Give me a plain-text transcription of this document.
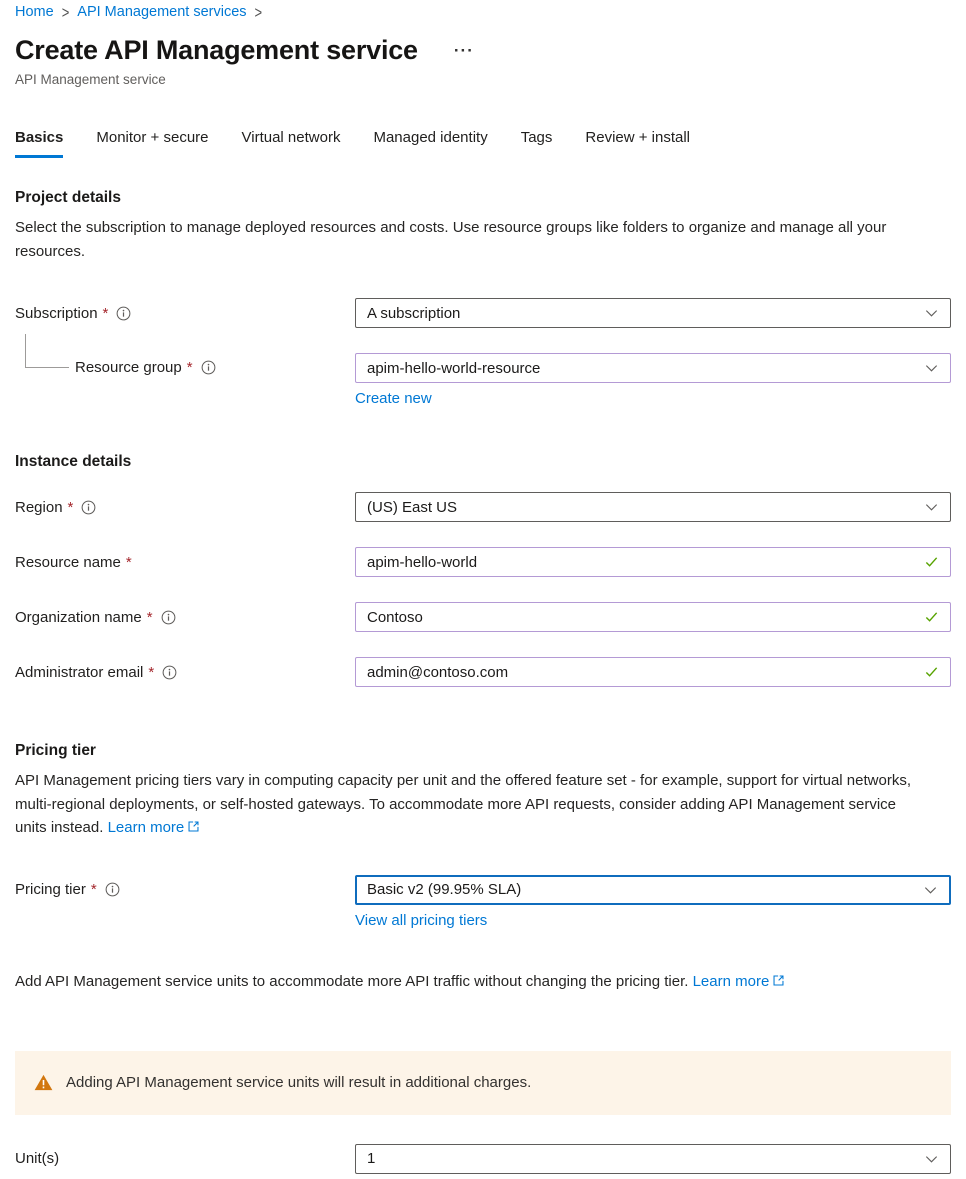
Home > API Management services >
Create API Management service ···
API Management service
Basics Monitor + secure Virtual network Managed identity Tags Review + install
Project details
Select the subscription to manage deployed resources and costs. Use resource groups like folders to organize and manage all your resources.
Subscription *	A subscription
Resource group *	apim-hello-world-resource
Create new
Instance details
Region *	(US) East US
Resource name *	apim-hello-world
Organization name *	Contoso
Administrator email *	admin@contoso.com
Pricing tier
API Management pricing tiers vary in computing capacity per unit and the offered feature set - for example, support for virtual networks, multi-regional deployments, or self-hosted gateways. To accommodate more API requests, consider adding API Management service units instead. Learn more
Pricing tier *	Basic v2 (99.95% SLA)
View all pricing tiers
Add API Management service units to accommodate more API traffic without changing the pricing tier. Learn more
Adding API Management service units will result in additional charges.
Unit(s)	1
